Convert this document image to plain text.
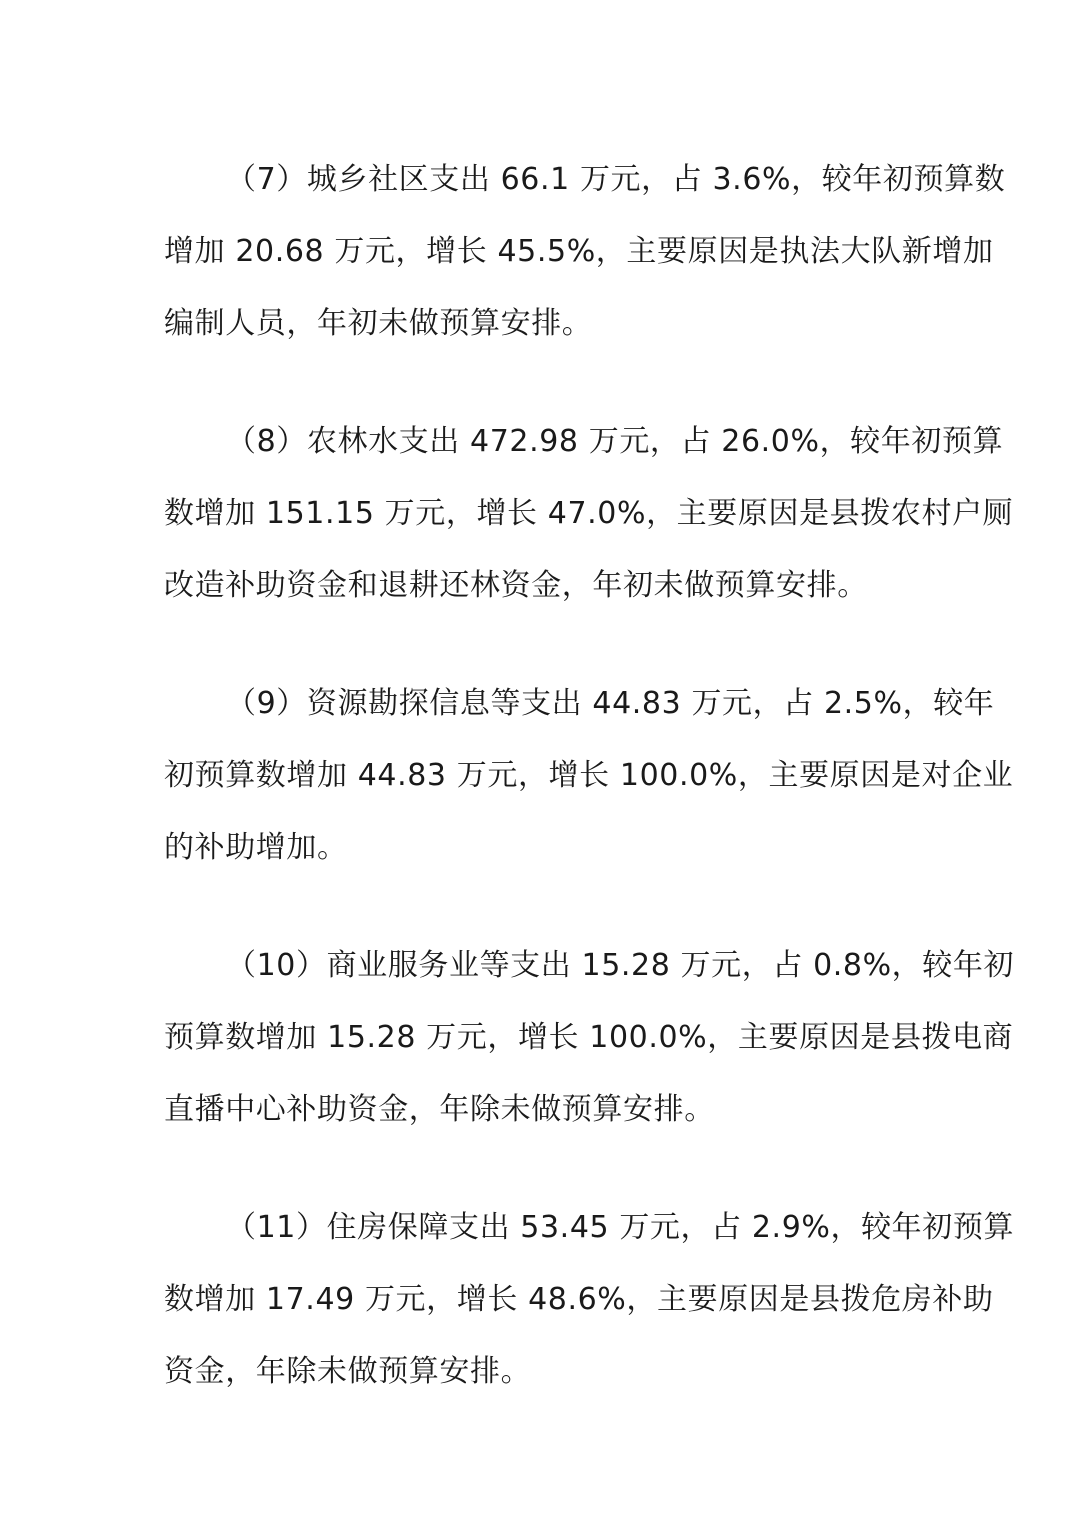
（7）城乡社区支出 66.1 万元，占 3.6%，较年初预算数
增加 20.68 万元，增长 45.5%，主要原因是执法大队新增加
编制人员，年初未做预算安排。
（8）农林水支出 472.98 万元，占 26.0%，较年初预算
数增加 151.15 万元，增长 47.0%，主要原因是县拨农村户厕
改造补助资金和退耕还林资金，年初未做预算安排。
（9）资源勘探信息等支出 44.83 万元，占 2.5%，较年
初预算数增加 44.83 万元，增长 100.0%，主要原因是对企业
的补助增加。
（10）商业服务业等支出 15.28 万元，占 0.8%，较年初
预算数增加 15.28 万元，增长 100.0%，主要原因是县拨电商
直播中心补助资金，年除未做预算安排。
（11）住房保障支出 53.45 万元，占 2.9%，较年初预算
数增加 17.49 万元，增长 48.6%，主要原因是县拨危房补助
资金，年除未做预算安排。
